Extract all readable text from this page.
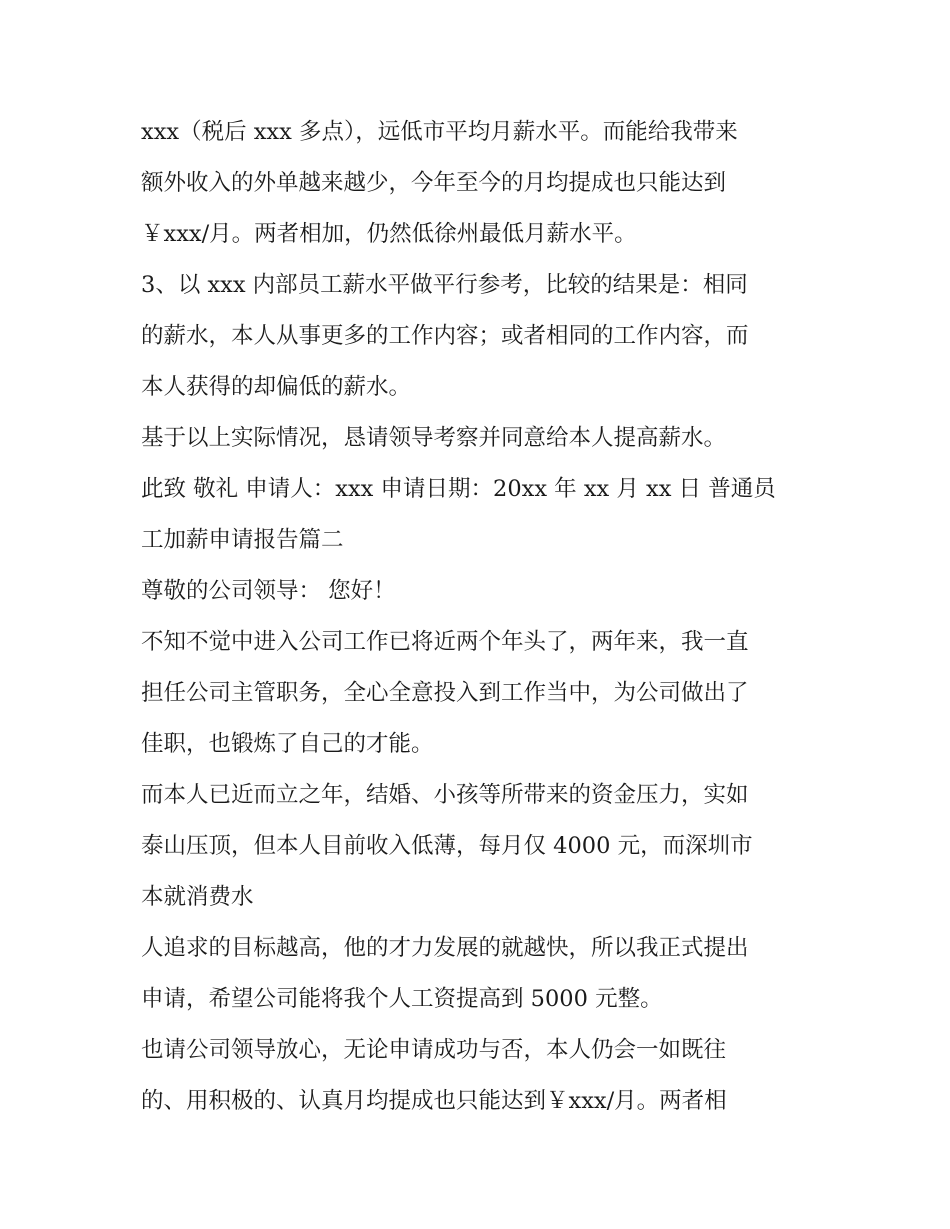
xxx（税后 xxx 多点），远低市平均月薪水平。而能给我带来
额外收入的外单越来越少，今年至今的月均提成也只能达到
￥xxx/月。两者相加，仍然低徐州最低月薪水平。
3、以 xxx 内部员工薪水平做平行参考，比较的结果是：相同
的薪水，本人从事更多的工作内容；或者相同的工作内容，而
本人获得的却偏低的薪水。
基于以上实际情况，恳请领导考察并同意给本人提高薪水。
此致 敬礼 申请人：xxx 申请日期：20xx 年 xx 月 xx 日 普通员
工加薪申请报告篇二
尊敬的公司领导： 您好！
不知不觉中进入公司工作已将近两个年头了，两年来，我一直
担任公司主管职务，全心全意投入到工作当中，为公司做出了
佳职，也锻炼了自己的才能。
而本人已近而立之年，结婚、小孩等所带来的资金压力，实如
泰山压顶，但本人目前收入低薄，每月仅 4000 元，而深圳市
本就消费水
人追求的目标越高，他的才力发展的就越快，所以我正式提出
申请，希望公司能将我个人工资提高到 5000 元整。
也请公司领导放心，无论申请成功与否，本人仍会一如既往
的、用积极的、认真月均提成也只能达到￥xxx/月。两者相
